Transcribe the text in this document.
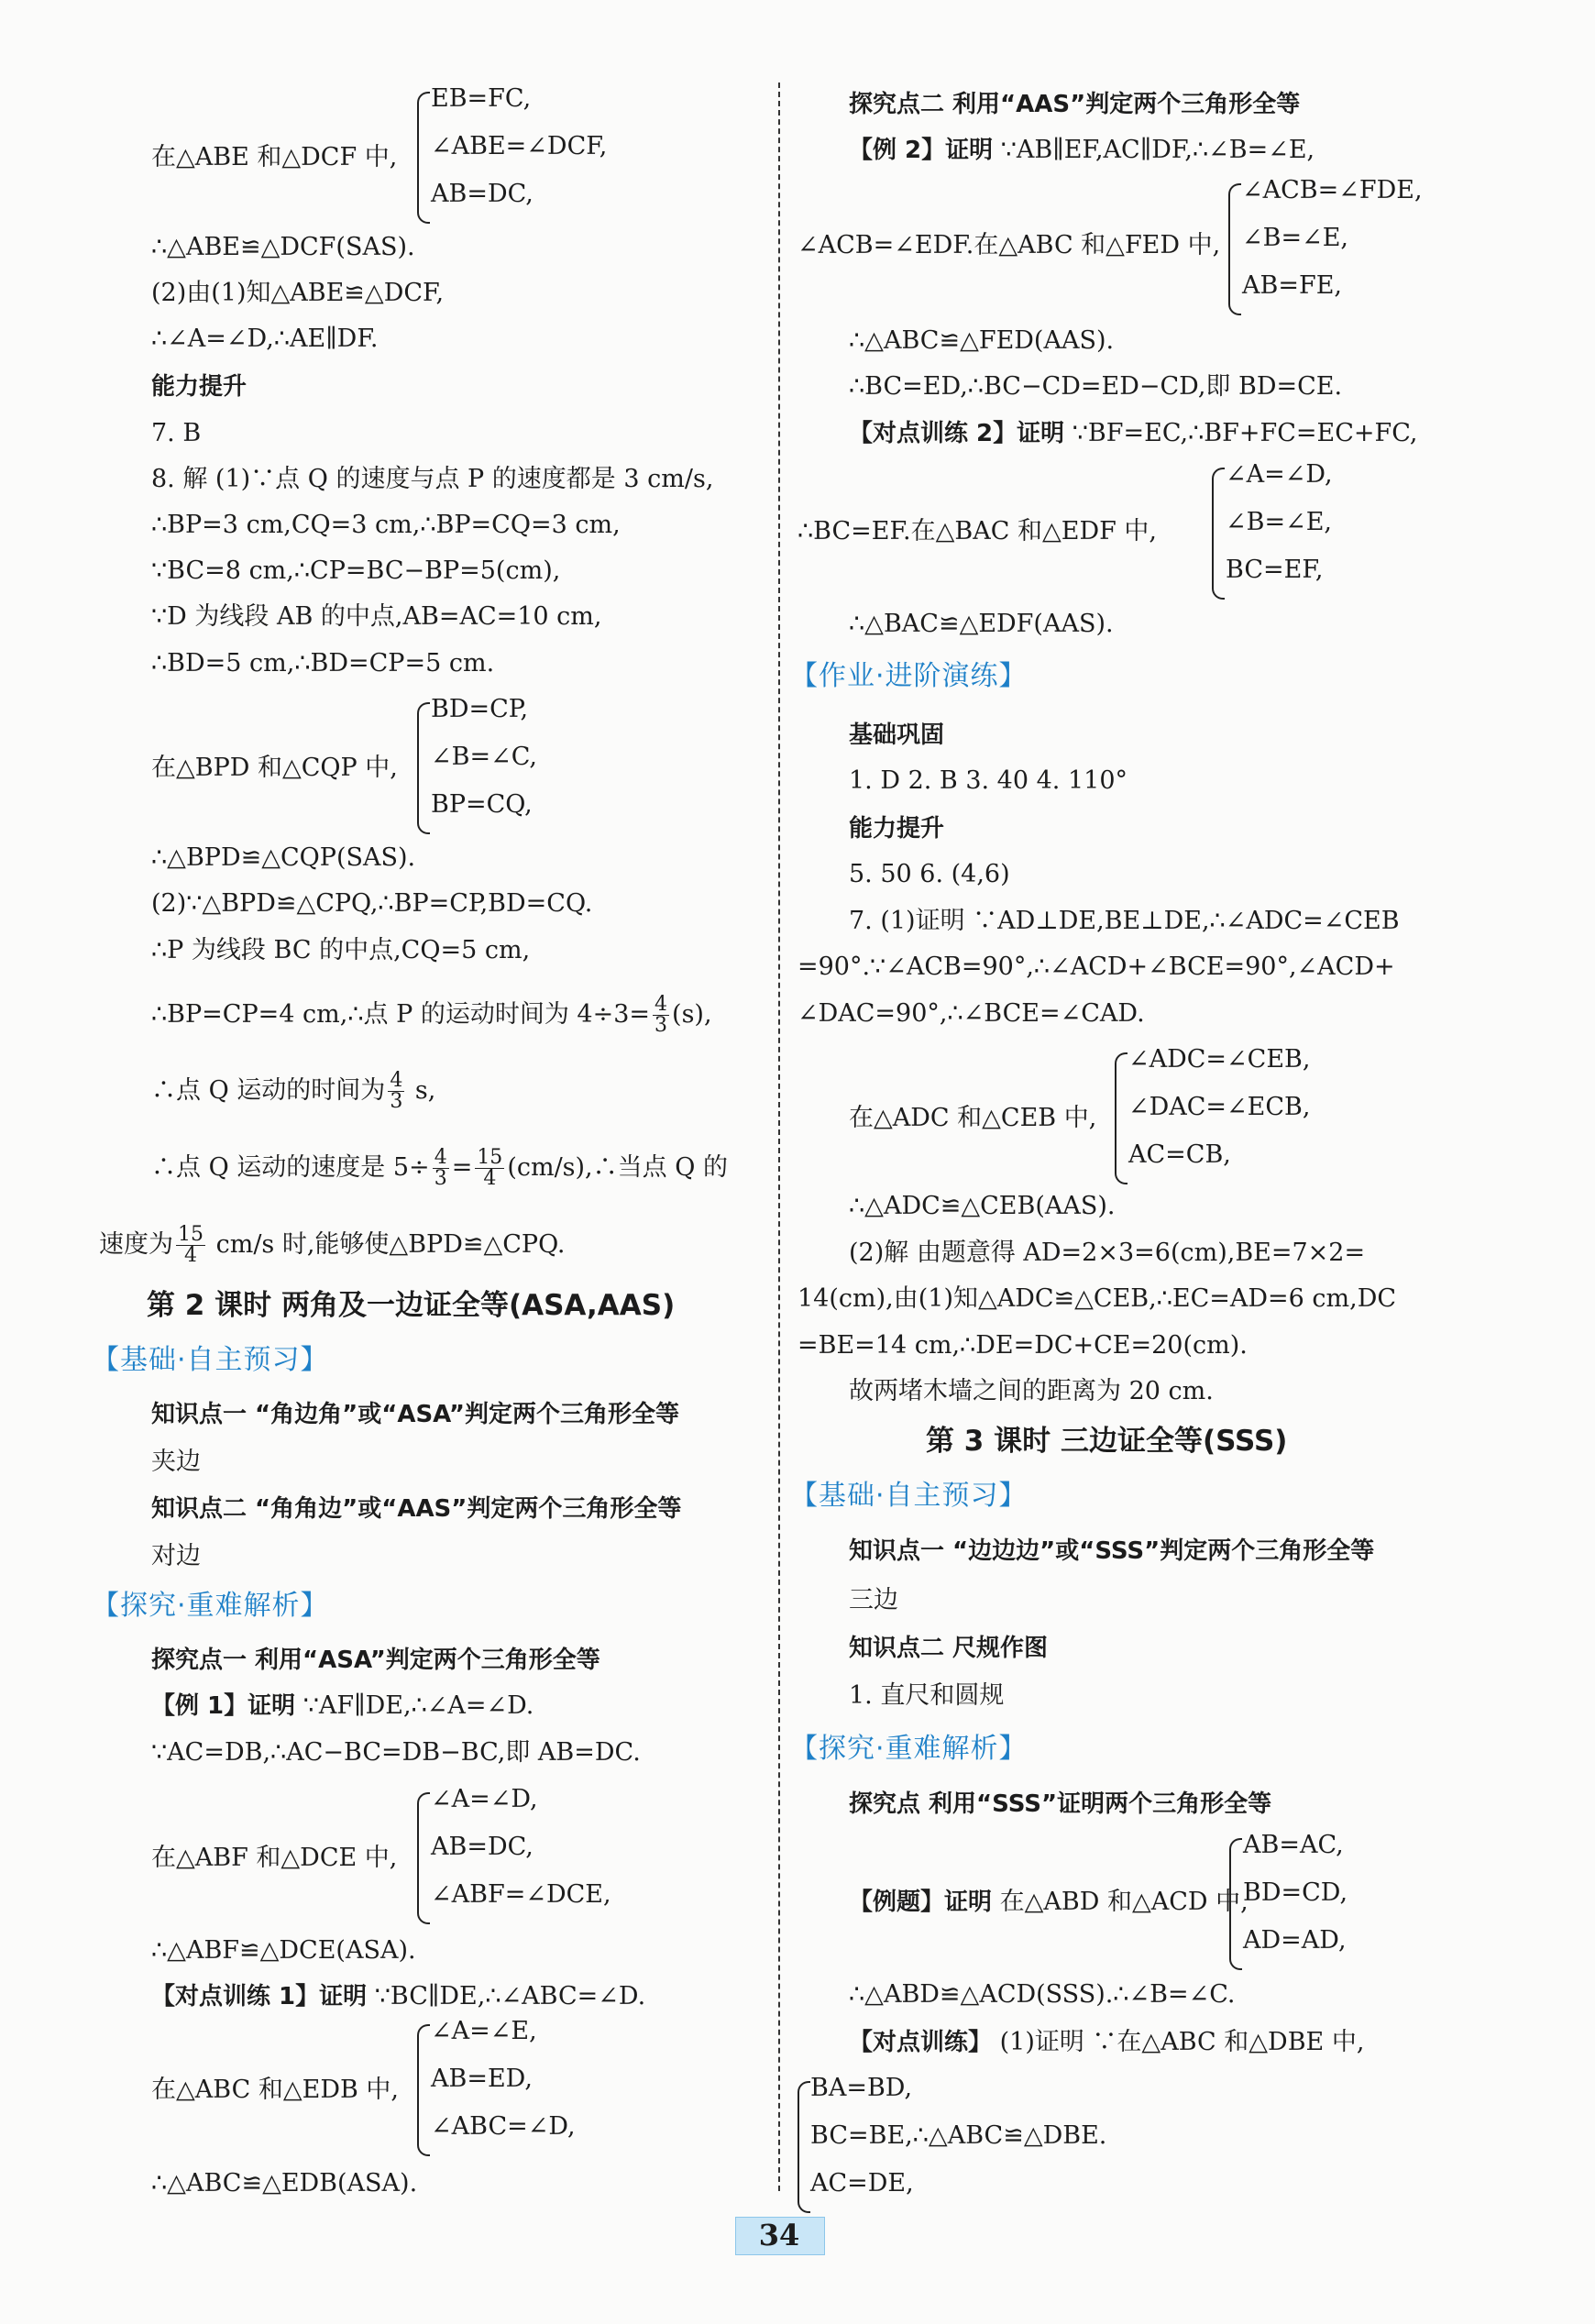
在△ABE 和△DCF 中,
EB=FC,
∠ABE=∠DCF,
AB=DC,
∴△ABE≌△DCF(SAS).
(2)由(1)知△ABE≌△DCF,
∴∠A=∠D,∴AE∥DF.
能力提升
7. B
8. 解 (1)∵点 Q 的速度与点 P 的速度都是 3 cm/s,
∴BP=3 cm,CQ=3 cm,∴BP=CQ=3 cm,
∵BC=8 cm,∴CP=BC−BP=5(cm),
∵D 为线段 AB 的中点,AB=AC=10 cm,
∴BD=5 cm,∴BD=CP=5 cm.
在△BPD 和△CQP 中,
BD=CP,
∠B=∠C,
BP=CQ,
∴△BPD≌△CQP(SAS).
(2)∵△BPD≌△CPQ,∴BP=CP,BD=CQ.
∴P 为线段 BC 的中点,CQ=5 cm,
∴BP=CP=4 cm,∴点 P 的运动时间为 $4\div 3= \frac{4}{3} (s)$,
∴点 Q 运动的时间为 $\frac{4}{3} s$,
∴点 Q 运动的速度是 $5\div \frac{4}{3} = \frac{15}{4}$ (cm/s),∴当点 Q 的
速度为 $\frac{15}{4} cm/s$ 时,能够使△BPD≌△CPQ.
第 2 课时 两角及一边证全等(ASA,AAS)
【基础·自主预习】
知识点一 “角边角”或“ASA”判定两个三角形全等
夹边
知识点二 “角角边”或“AAS”判定两个三角形全等
对边
【探究·重难解析】
探究点一 利用“ASA”判定两个三角形全等
【例 1】证明 ∵AF∥DE,∴∠A=∠D.
∵AC=DB,∴AC−BC=DB−BC,即 AB=DC.
在△ABF 和△DCE 中,
∠A=∠D,
AB=DC,
∠ABF=∠DCE,
∴△ABF≌△DCE(ASA).
【对点训练 1】证明 ∵BC∥DE,∴∠ABC=∠D.
在△ABC 和△EDB 中,
∠A=∠E,
AB=ED,
∠ABC=∠D,
∴△ABC≌△EDB(ASA).
探究点二 利用“AAS”判定两个三角形全等
【例 2】证明 ∵AB∥EF,AC∥DF,∴∠B=∠E,
∠ACB=∠EDF.在△ABC 和△FED 中,
∠ACB=∠FDE,
∠B=∠E,
AB=FE,
∴△ABC≌△FED(AAS).
∴BC=ED,∴BC−CD=ED−CD,即 BD=CE.
【对点训练 2】证明 ∵BF=EC,∴BF+FC=EC+FC,
∴BC=EF.在△BAC 和△EDF 中,
∠A=∠D,
∠B=∠E,
BC=EF,
∴△BAC≌△EDF(AAS).
【作业·进阶演练】
基础巩固
1. D 2. B 3. 40 4. 110°
能力提升
5. 50 6. (4,6)
7. (1)证明 ∵AD⊥DE,BE⊥DE,∴∠ADC=∠CEB
=90°.∵∠ACB=90°,∴∠ACD+∠BCE=90°,∠ACD+
∠DAC=90°,∴∠BCE=∠CAD.
在△ADC 和△CEB 中,
∠ADC=∠CEB,
∠DAC=∠ECB,
AC=CB,
∴△ADC≌△CEB(AAS).
(2)解 由题意得 AD=2×3=6(cm),BE=7×2=
14(cm),由(1)知△ADC≌△CEB,∴EC=AD=6 cm,DC
=BE=14 cm,∴DE=DC+CE=20(cm).
故两堵木墙之间的距离为 20 cm.
第 3 课时 三边证全等(SSS)
【基础·自主预习】
知识点一 “边边边”或“SSS”判定两个三角形全等
三边
知识点二 尺规作图
1. 直尺和圆规
【探究·重难解析】
探究点 利用“SSS”证明两个三角形全等
【例题】证明 在△ABD 和△ACD 中,
AB=AC,
BD=CD,
AD=AD,
∴△ABD≌△ACD(SSS).∴∠B=∠C.
【对点训练】 (1)证明 ∵在△ABC 和△DBE 中,
BA=BD,
BC=BE,∴△ABC≌△DBE.
AC=DE,
34
